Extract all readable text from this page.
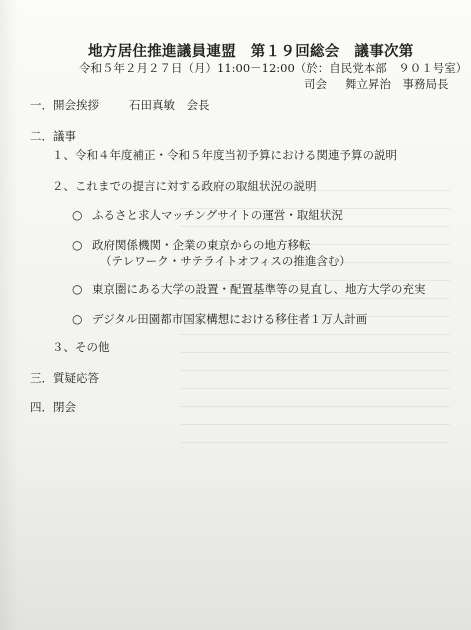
地方居住推進議員連盟　第１９回総会　議事次第
令和５年２月２７日（月）11:00－12:00（於：自民党本部　９０１号室）
司会 舞立昇治　事務局長
一．開会挨拶	石田真敏　会長
二．議事
１、令和４年度補正・令和５年度当初予算における関連予算の説明
２、これまでの提言に対する政府の取組状況の説明
○ ふるさと求人マッチングサイトの運営・取組状況
○ 政府関係機関・企業の東京からの地方移転
（テレワーク・サテライトオフィスの推進含む）
○ 東京圏にある大学の設置・配置基準等の見直し、地方大学の充実
○ デジタル田園都市国家構想における移住者１万人計画
３、その他
三．質疑応答
四．閉会
